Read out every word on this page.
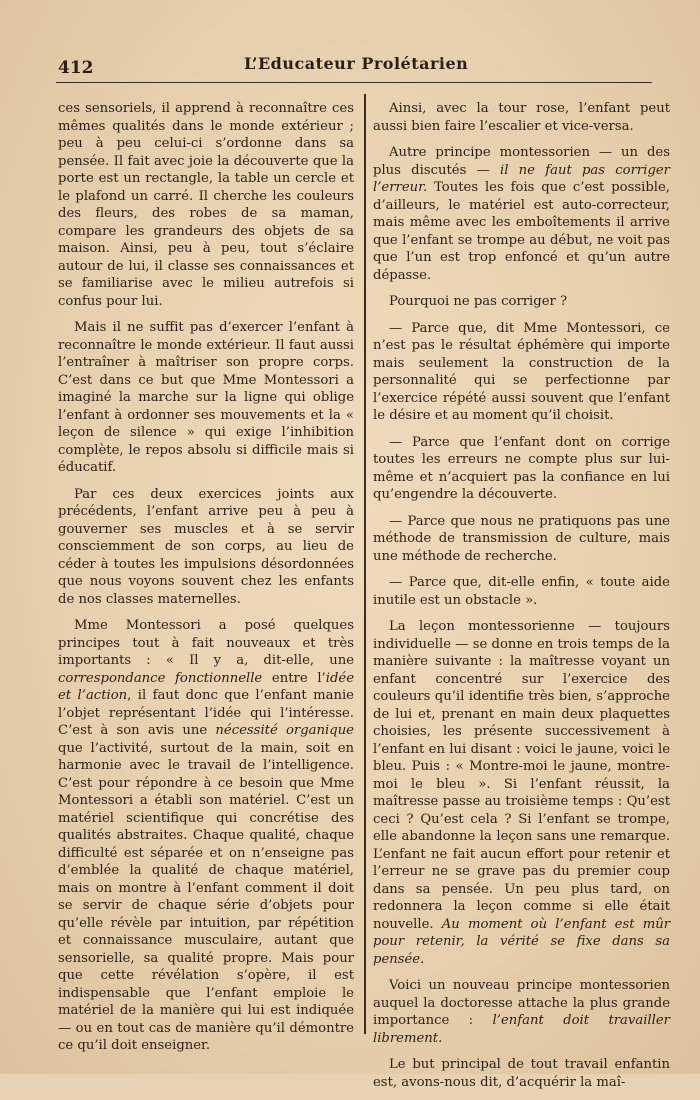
412	L’Educateur Prolétarien

ces sensoriels, il apprend à reconnaître ces mêmes qualités dans le monde extérieur ; peu à peu celui-ci s’ordonne dans sa pensée. Il fait avec joie la découverte que la porte est un rectangle, la table un cercle et le plafond un carré. Il cherche les couleurs des fleurs, des robes de sa maman, compare les grandeurs des objets de sa maison. Ainsi, peu à peu, tout s’éclaire autour de lui, il classe ses connaissances et se familiarise avec le milieu autrefois si confus pour lui.

Mais il ne suffit pas d’exercer l’enfant à reconnaître le monde extérieur. Il faut aussi l’entraîner à maîtriser son propre corps. C’est dans ce but que Mme Montessori a imaginé la marche sur la ligne qui oblige l’enfant à ordonner ses mouvements et la « leçon de silence » qui exige l’inhibition complète, le repos absolu si difficile mais si éducatif.

Par ces deux exercices joints aux précédents, l’enfant arrive peu à peu à gouverner ses muscles et à se servir consciemment de son corps, au lieu de céder à toutes les impulsions désordonnées que nous voyons souvent chez les enfants de nos classes maternelles.

Mme Montessori a posé quelques principes tout à fait nouveaux et très importants : « Il y a, dit-elle, une correspondance fonctionnelle entre l’idée et l’action, il faut donc que l’enfant manie l’objet représentant l’idée qui l’intéresse. C’est à son avis une nécessité organique que l’activité, surtout de la main, soit en harmonie avec le travail de l’intelligence. C’est pour répondre à ce besoin que Mme Montessori a établi son matériel. C’est un matériel scientifique qui concrétise des qualités abstraites. Chaque qualité, chaque difficulté est séparée et on n’enseigne pas d’emblée la qualité de chaque matériel, mais on montre à l’enfant comment il doit se servir de chaque série d’objets pour qu’elle révèle par intuition, par répétition et connaissance musculaire, autant que sensorielle, sa qualité propre. Mais pour que cette révélation s’opère, il est indispensable que l’enfant emploie le matériel de la manière qui lui est indiquée — ou en tout cas de manière qu’il démontre ce qu’il doit enseigner.

Ainsi, avec la tour rose, l’enfant peut aussi bien faire l’escalier et vice-versa.

Autre principe montessorien — un des plus discutés — il ne faut pas corriger l’erreur. Toutes les fois que c’est possible, d’ailleurs, le matériel est auto-correcteur, mais même avec les emboîtements il arrive que l’enfant se trompe au début, ne voit pas que l’un est trop enfoncé et qu’un autre dépasse.

Pourquoi ne pas corriger ?

— Parce que, dit Mme Montessori, ce n’est pas le résultat éphémère qui importe mais seulement la construction de la personnalité qui se perfectionne par l’exercice répété aussi souvent que l’enfant le désire et au moment qu’il choisit.

— Parce que l’enfant dont on corrige toutes les erreurs ne compte plus sur lui-même et n’acquiert pas la confiance en lui qu’engendre la découverte.

— Parce que nous ne pratiquons pas une méthode de transmission de culture, mais une méthode de recherche.

— Parce que, dit-elle enfin, « toute aide inutile est un obstacle ».

La leçon montessorienne — toujours individuelle — se donne en trois temps de la manière suivante : la maîtresse voyant un enfant concentré sur l’exercice des couleurs qu’il identifie très bien, s’approche de lui et, prenant en main deux plaquettes choisies, les présente successivement à l’enfant en lui disant : voici le jaune, voici le bleu. Puis : « Montre-moi le jaune, montre-moi le bleu ». Si l’enfant réussit, la maîtresse passe au troisième temps : Qu’est ceci ? Qu’est cela ? Si l’enfant se trompe, elle abandonne la leçon sans une remarque. L’enfant ne fait aucun effort pour retenir et l’erreur ne se grave pas du premier coup dans sa pensée. Un peu plus tard, on redonnera la leçon comme si elle était nouvelle. Au moment où l’enfant est mûr pour retenir, la vérité se fixe dans sa pensée.

Voici un nouveau principe montessorien auquel la doctoresse attache la plus grande importance : l’enfant doit travailler librement.

Le but principal de tout travail enfantin est, avons-nous dit, d’acquérir la maî-
